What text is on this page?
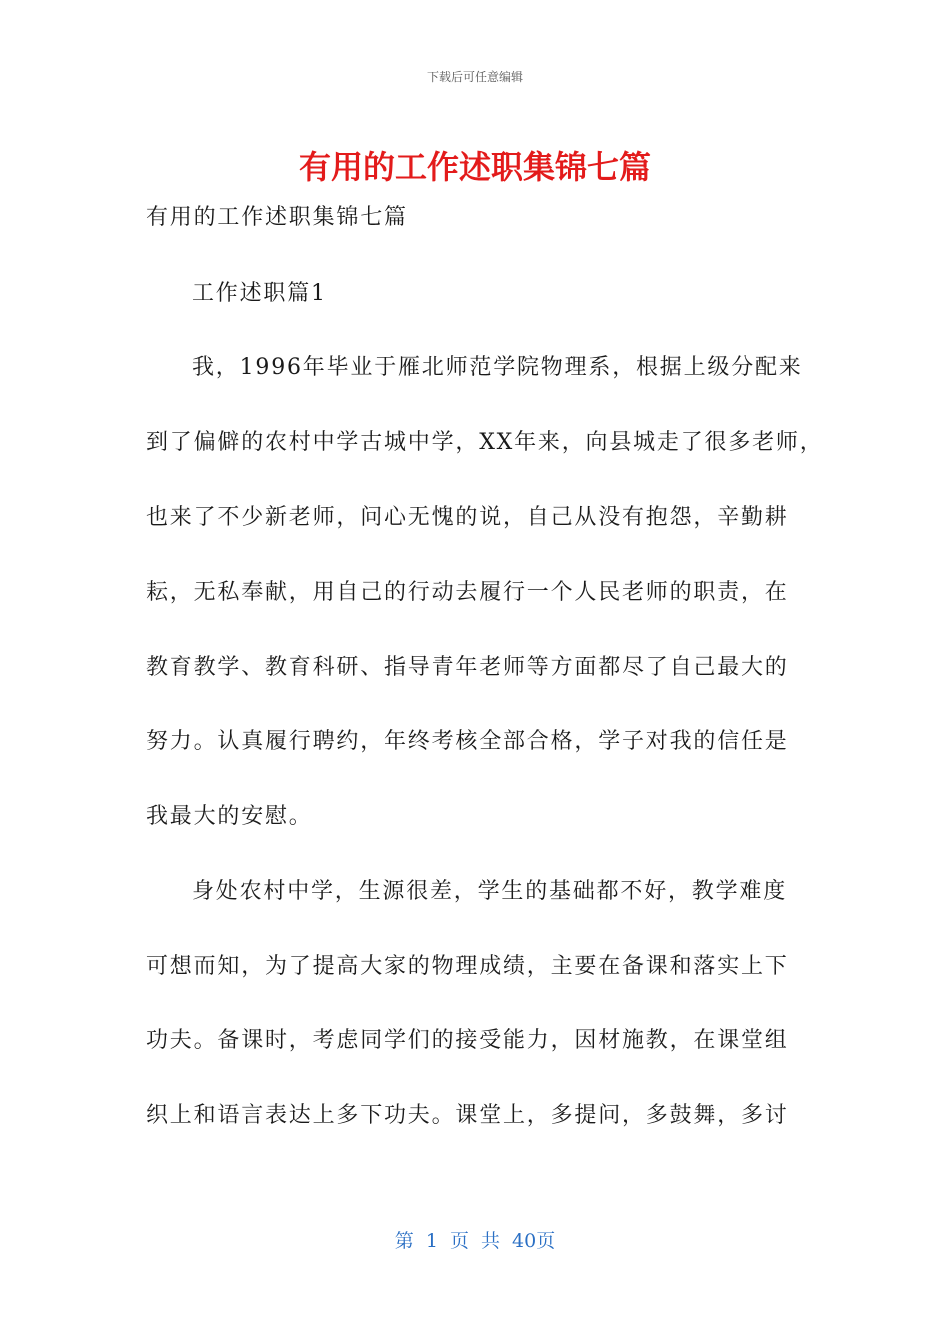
下载后可任意编辑
有用的工作述职集锦七篇
有用的工作述职集锦七篇
工作述职篇1
我，1996年毕业于雁北师范学院物理系，根据上级分配来
到了偏僻的农村中学古城中学，XX年来，向县城走了很多老师，
也来了不少新老师，问心无愧的说，自己从没有抱怨，辛勤耕
耘，无私奉献，用自己的行动去履行一个人民老师的职责，在
教育教学、教育科研、指导青年老师等方面都尽了自己最大的
努力。认真履行聘约，年终考核全部合格，学子对我的信任是
我最大的安慰。
身处农村中学，生源很差，学生的基础都不好，教学难度
可想而知，为了提高大家的物理成绩，主要在备课和落实上下
功夫。备课时，考虑同学们的接受能力，因材施教，在课堂组
织上和语言表达上多下功夫。课堂上，多提问，多鼓舞，多讨
第 1 页 共 40页
